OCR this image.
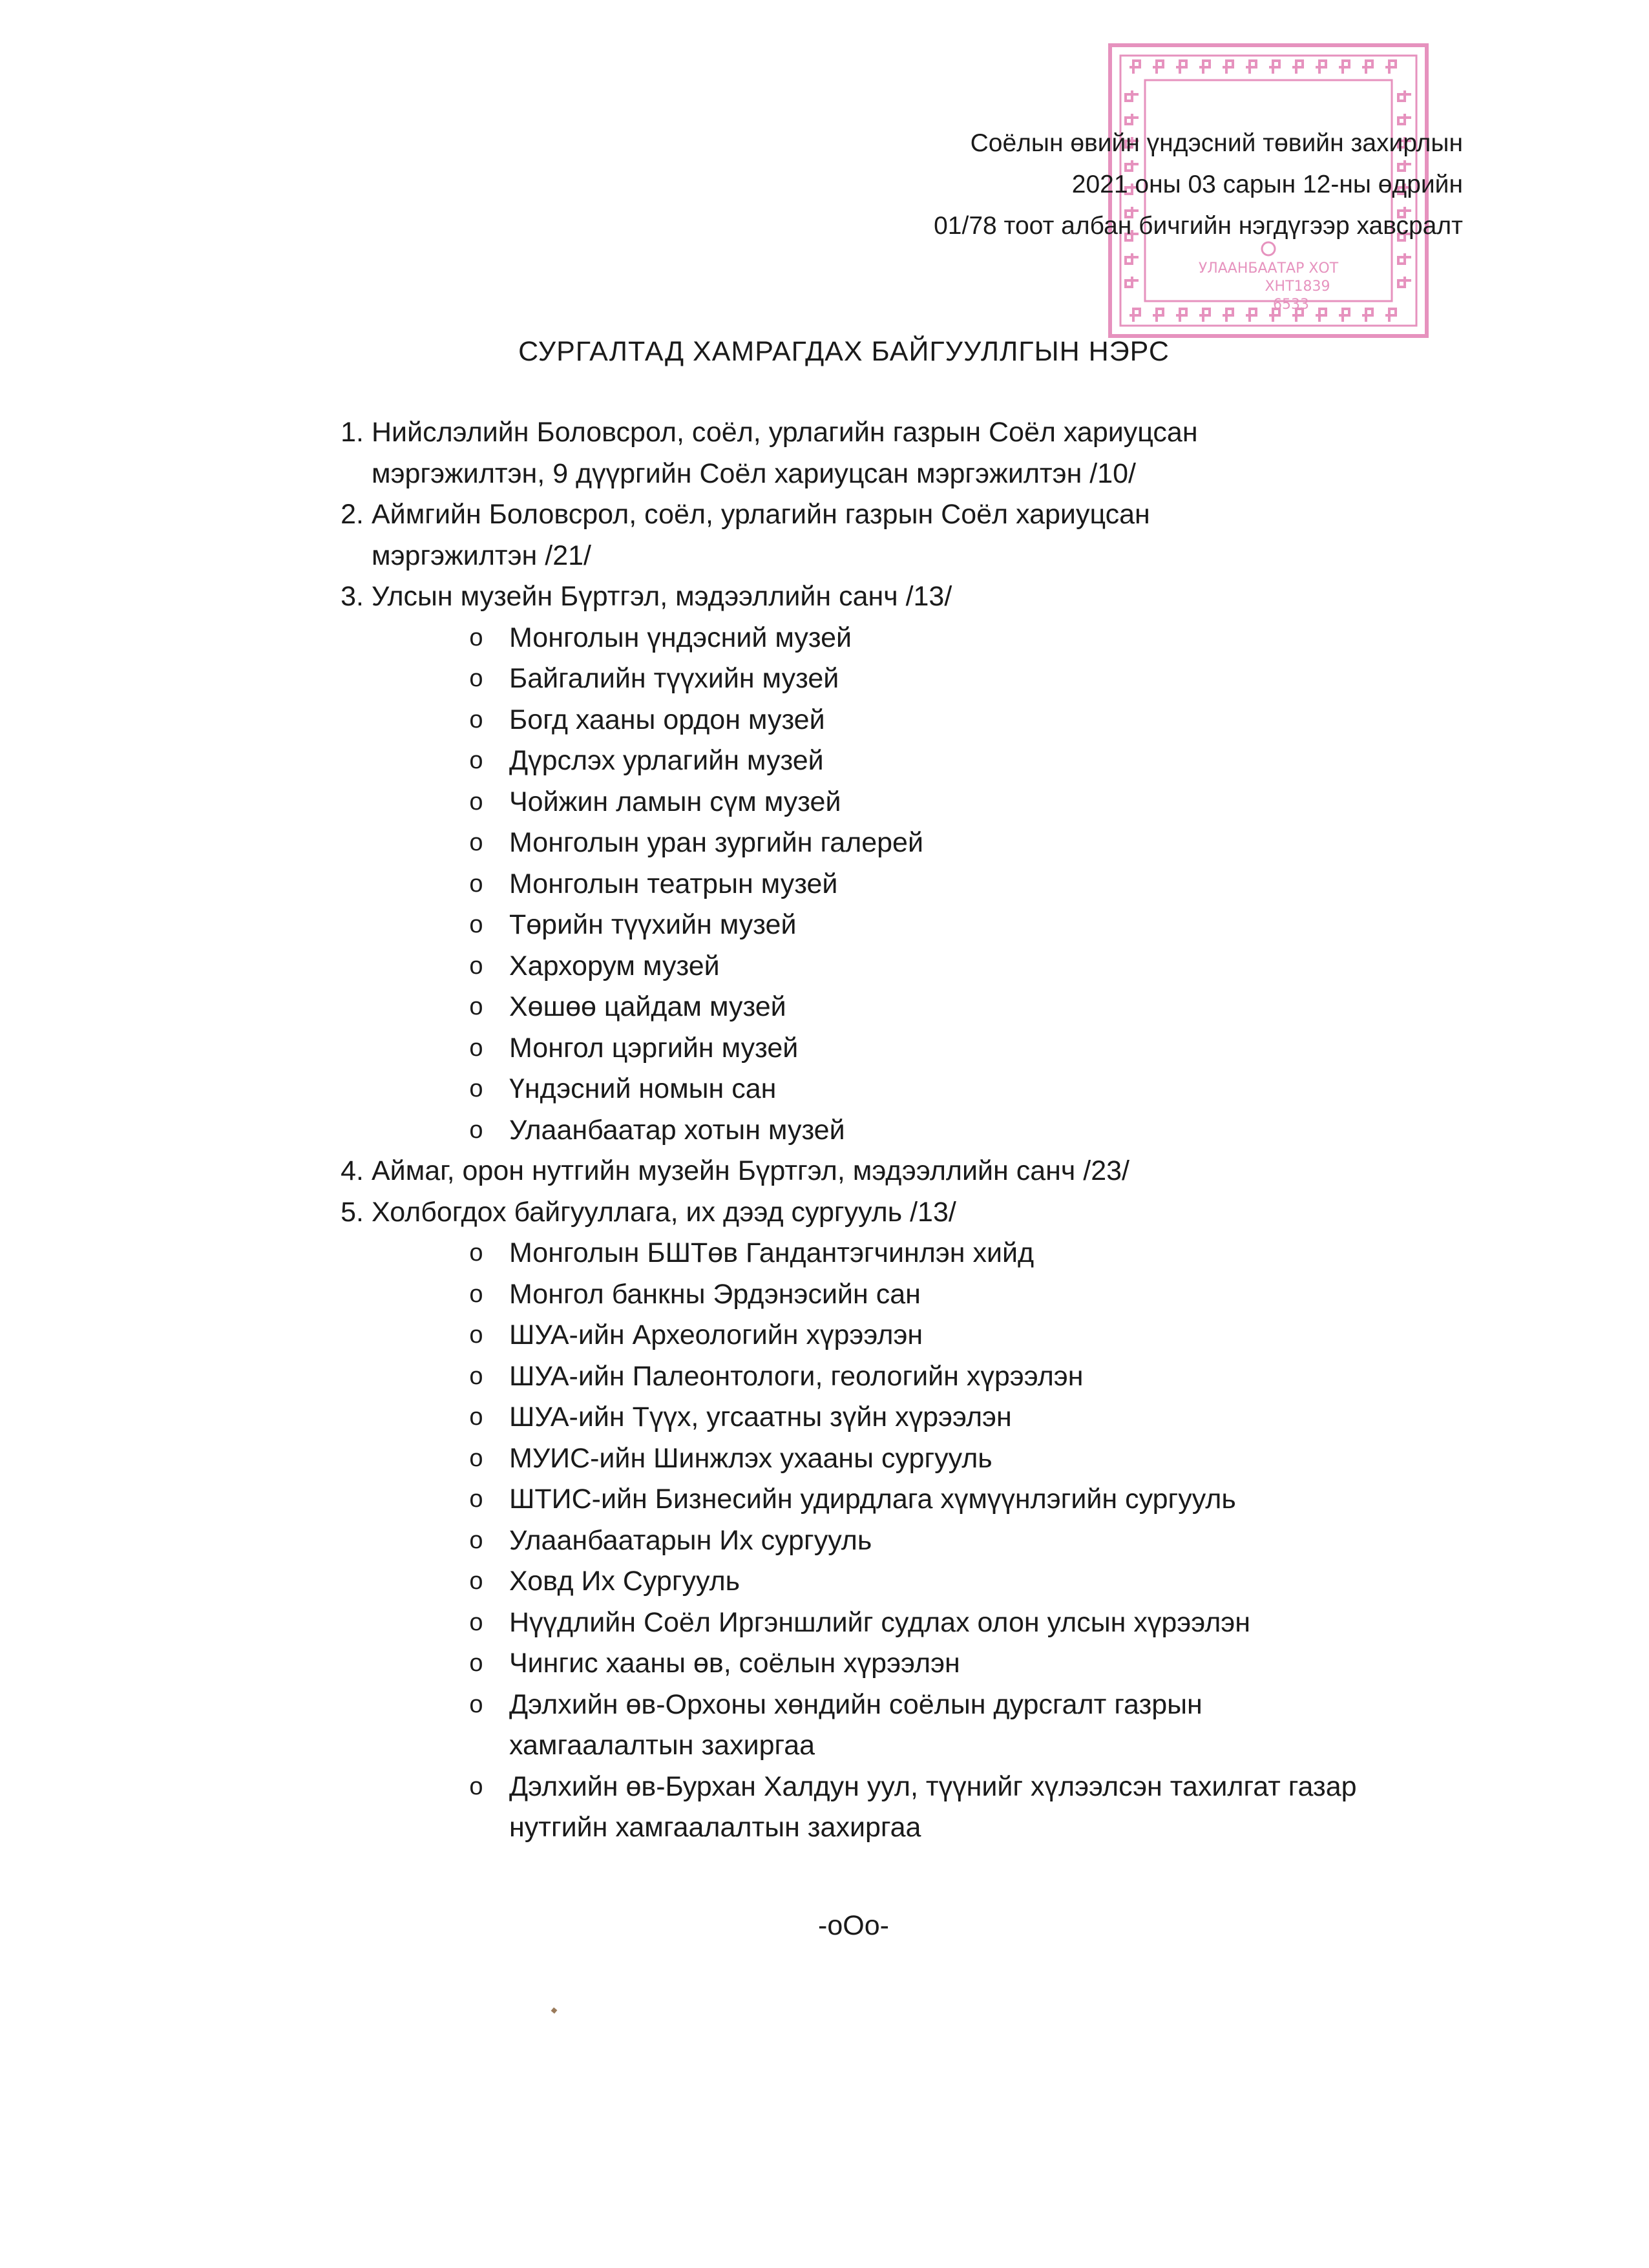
УЛААНБААТАР ХОТ
ХНТ1839
6533
Соёлын өвийн үндэсний төвийн захирлын
2021 оны 03 сарын 12-ны өдрийн
01/78 тоот албан бичгийн нэгдүгээр хавсралт
СУРГАЛТАД ХАМРАГДАХ БАЙГУУЛЛГЫН НЭРС
1. Нийслэлийн Боловсрол, соёл, урлагийн газрын Соёл хариуцсан
мэргэжилтэн, 9 дүүргийн Соёл хариуцсан мэргэжилтэн /10/
2. Аймгийн Боловсрол, соёл, урлагийн газрын Соёл хариуцсан
мэргэжилтэн /21/
3. Улсын музейн Бүртгэл, мэдээллийн санч /13/
o Монголын үндэсний музей
o Байгалийн түүхийн музей
o Богд хааны ордон музей
o Дүрслэх урлагийн музей
o Чойжин ламын сүм музей
o Монголын уран зургийн галерей
o Монголын театрын музей
o Төрийн түүхийн музей
o Хархорум музей
o Хөшөө цайдам музей
o Монгол цэргийн музей
o Үндэсний номын сан
o Улаанбаатар хотын музей
4. Аймаг, орон нутгийн музейн Бүртгэл, мэдээллийн санч /23/
5. Холбогдох байгууллага, их дээд сургууль /13/
o Монголын БШТөв Гандантэгчинлэн хийд
o Монгол банкны Эрдэнэсийн сан
o ШУА-ийн Археологийн хүрээлэн
o ШУА-ийн Палеонтологи, геологийн хүрээлэн
o ШУА-ийн Түүх, угсаатны зүйн хүрээлэн
o МУИС-ийн Шинжлэх ухааны сургууль
o ШТИС-ийн Бизнесийн удирдлага хүмүүнлэгийн сургууль
o Улаанбаатарын Их сургууль
o Ховд Их Сургууль
o Нүүдлийн Соёл Иргэншлийг судлах олон улсын хүрээлэн
o Чингис хааны өв, соёлын хүрээлэн
o Дэлхийн өв-Орхоны хөндийн соёлын дурсгалт газрын
хамгаалалтын захиргаа
o Дэлхийн өв-Бурхан Халдун уул, түүнийг хүлээлсэн тахилгат газар
нутгийн хамгаалалтын захиргаа
-oOo-
